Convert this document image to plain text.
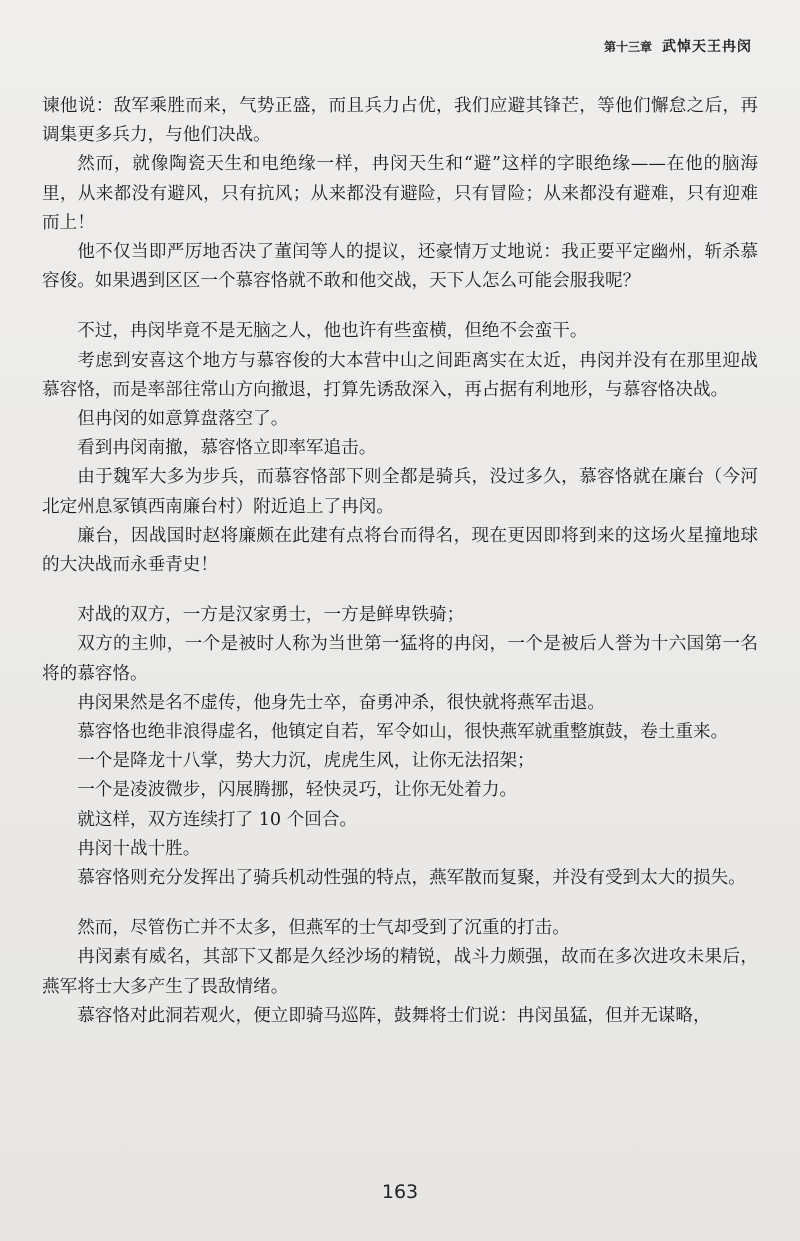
第十三章 武悼天王冉闵

谏他说：敌军乘胜而来，气势正盛，而且兵力占优，我们应避其锋芒，等他们懈怠之后，再调集更多兵力，与他们决战。

然而，就像陶瓷天生和电绝缘一样，冉闵天生和“避”这样的字眼绝缘——在他的脑海里，从来都没有避风，只有抗风；从来都没有避险，只有冒险；从来都没有避难，只有迎难而上！

他不仅当即严厉地否决了董闰等人的提议，还豪情万丈地说：我正要平定幽州，斩杀慕容俊。如果遇到区区一个慕容恪就不敢和他交战，天下人怎么可能会服我呢？

不过，冉闵毕竟不是无脑之人，他也许有些蛮横，但绝不会蛮干。

考虑到安喜这个地方与慕容俊的大本营中山之间距离实在太近，冉闵并没有在那里迎战慕容恪，而是率部往常山方向撤退，打算先诱敌深入，再占据有利地形，与慕容恪决战。

但冉闵的如意算盘落空了。

看到冉闵南撤，慕容恪立即率军追击。

由于魏军大多为步兵，而慕容恪部下则全都是骑兵，没过多久，慕容恪就在廉台（今河北定州息冢镇西南廉台村）附近追上了冉闵。

廉台，因战国时赵将廉颇在此建有点将台而得名，现在更因即将到来的这场火星撞地球的大决战而永垂青史！

对战的双方，一方是汉家勇士，一方是鲜卑铁骑；

双方的主帅，一个是被时人称为当世第一猛将的冉闵，一个是被后人誉为十六国第一名将的慕容恪。

冉闵果然是名不虚传，他身先士卒，奋勇冲杀，很快就将燕军击退。

慕容恪也绝非浪得虚名，他镇定自若，军令如山，很快燕军就重整旗鼓，卷土重来。

一个是降龙十八掌，势大力沉，虎虎生风，让你无法招架；

一个是凌波微步，闪展腾挪，轻快灵巧，让你无处着力。

就这样，双方连续打了 10 个回合。

冉闵十战十胜。

慕容恪则充分发挥出了骑兵机动性强的特点，燕军散而复聚，并没有受到太大的损失。

然而，尽管伤亡并不太多，但燕军的士气却受到了沉重的打击。

冉闵素有威名，其部下又都是久经沙场的精锐，战斗力颇强，故而在多次进攻未果后，燕军将士大多产生了畏敌情绪。

慕容恪对此洞若观火，便立即骑马巡阵，鼓舞将士们说：冉闵虽猛，但并无谋略，

163
